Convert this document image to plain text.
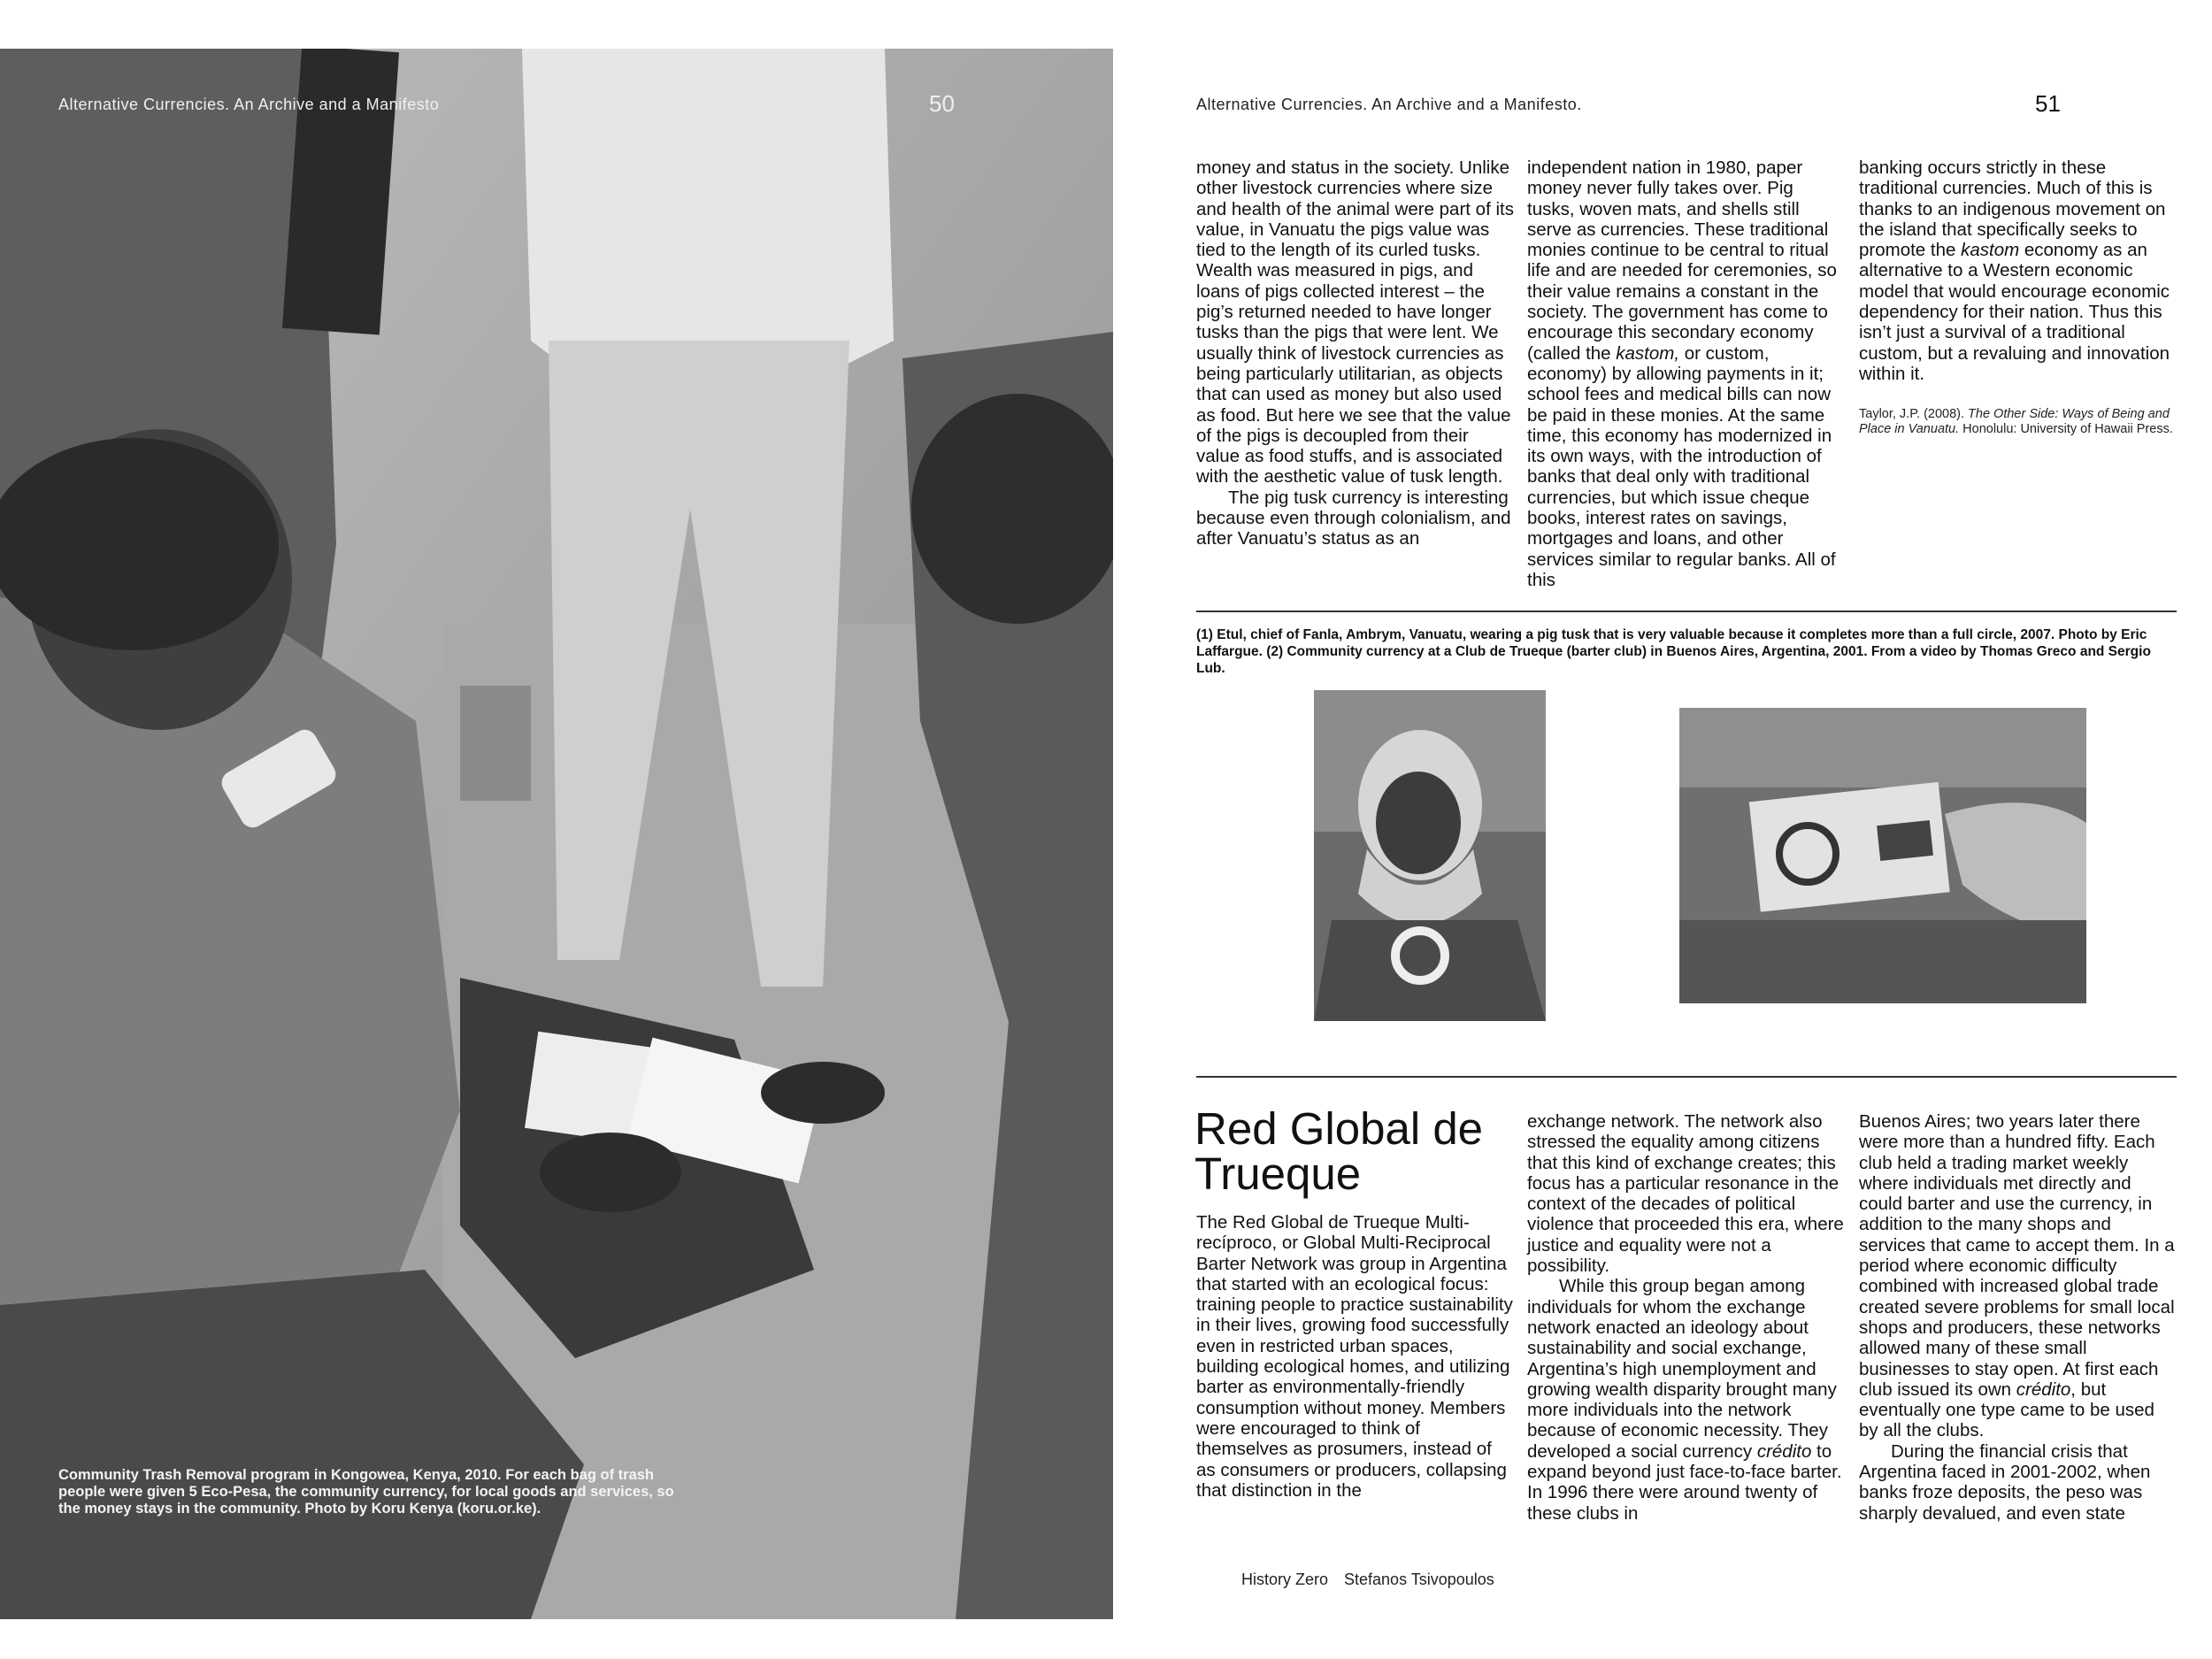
Alternative Currencies. An Archive and a Manifesto	50
Community Trash Removal program in Kongowea, Kenya, 2010. For each bag of trash people were given 5 Eco-Pesa, the community currency, for local goods and services, so the money stays in the community. Photo by Koru Kenya (koru.or.ke).
Alternative Currencies. An Archive and a Manifesto.	51

money and status in the society. Unlike other livestock currencies where size and health of the animal were part of its value, in Vanuatu the pigs value was tied to the length of its curled tusks. Wealth was measured in pigs, and loans of pigs collected interest – the pig’s returned needed to have longer tusks than the pigs that were lent. We usually think of livestock currencies as being particularly utilitarian, as objects that can used as money but also used as food. But here we see that the value of the pigs is decoupled from their value as food stuffs, and is associated with the aesthetic value of tusk length.

The pig tusk currency is interesting because even through colonialism, and after Vanuatu’s status as an

independent nation in 1980, paper money never fully takes over. Pig tusks, woven mats, and shells still serve as currencies. These traditional monies continue to be central to ritual life and are needed for ceremonies, so their value remains a constant in the society. The government has come to encourage this secondary economy (called the kastom, or custom, economy) by allowing payments in it; school fees and medical bills can now be paid in these monies. At the same time, this economy has modernized in its own ways, with the introduction of banks that deal only with traditional currencies, but which issue cheque books, interest rates on savings, mortgages and loans, and other services similar to regular banks. All of this

banking occurs strictly in these traditional currencies. Much of this is thanks to an indigenous movement on the island that specifically seeks to promote the kastom economy as an alternative to a Western economic model that would encourage economic dependency for their nation. Thus this isn’t just a survival of a traditional custom, but a revaluing and innovation within it.

Taylor, J.P. (2008). The Other Side: Ways of Being and Place in Vanuatu. Honolulu: University of Hawaii Press.
(1) Etul, chief of Fanla, Ambrym, Vanuatu, wearing a pig tusk that is very valuable because it completes more than a full circle, 2007. Photo by Eric Laffargue. (2) Community currency at a Club de Trueque (barter club) in Buenos Aires, Argentina, 2001. From a video by Thomas Greco and Sergio Lub.
Red Global de Trueque

The Red Global de Trueque Multi-recíproco, or Global Multi-Reciprocal Barter Network was group in Argentina that started with an ecological focus: training people to practice sustainability in their lives, growing food successfully even in restricted urban spaces, building ecological homes, and utilizing barter as environmentally-friendly consumption without money. Members were encouraged to think of themselves as prosumers, instead of as consumers or producers, collapsing that distinction in the

exchange network. The network also stressed the equality among citizens that this kind of exchange creates; this focus has a particular resonance in the context of the decades of political violence that proceeded this era, where justice and equality were not a possibility.

While this group began among individuals for whom the exchange network enacted an ideology about sustainability and social exchange, Argentina’s high unemployment and growing wealth disparity brought many more individuals into the network because of economic necessity. They developed a social currency crédito to expand beyond just face-to-face barter. In 1996 there were around twenty of these clubs in

Buenos Aires; two years later there were more than a hundred fifty. Each club held a trading market weekly where individuals met directly and could barter and use the currency, in addition to the many shops and services that came to accept them. In a period where economic difficulty combined with increased global trade created severe problems for small local shops and producers, these networks allowed many of these small businesses to stay open. At first each club issued its own crédito, but eventually one type came to be used by all the clubs.

During the financial crisis that Argentina faced in 2001-2002, when banks froze deposits, the peso was sharply devalued, and even state

History Zero Stefanos Tsivopoulos
